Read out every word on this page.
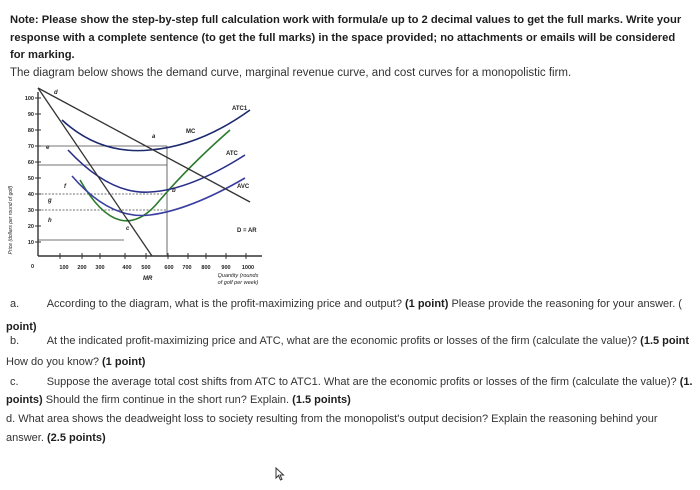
Note: Please show the step-by-step full calculation work with formula/e up to 2 decimal values to get the full marks. Write your response with a complete sentence (to get the full marks) in the space provided; no attachments or emails will be considered for marking.
The diagram below shows the demand curve, marginal revenue curve, and cost curves for a monopolistic firm.
Price (dollars per round of golf)
100
90
80
70
60
50
40
30
20
10
0	100 200 300	400 500	600 700 800 900 1000
Quantity (rounds
of golf per week)
ATC1
MC
ATC
AVC
D = AR
MR
d
a
b
c
e
f
g
h
a.	According to the diagram, what is the profit-maximizing price and output? (1 point) Please provide the reasoning for your answer. (
point)
b.	At the indicated profit-maximizing price and ATC, what are the economic profits or losses of the firm (calculate the value)? (1.5 point
How do you know? (1 point)
c.	Suppose the average total cost shifts from ATC to ATC1. What are the economic profits or losses of the firm (calculate the value)? (1.
points) Should the firm continue in the short run? Explain. (1.5 points)
d. What area shows the deadweight loss to society resulting from the monopolist's output decision? Explain the reasoning behind your
answer. (2.5 points)
